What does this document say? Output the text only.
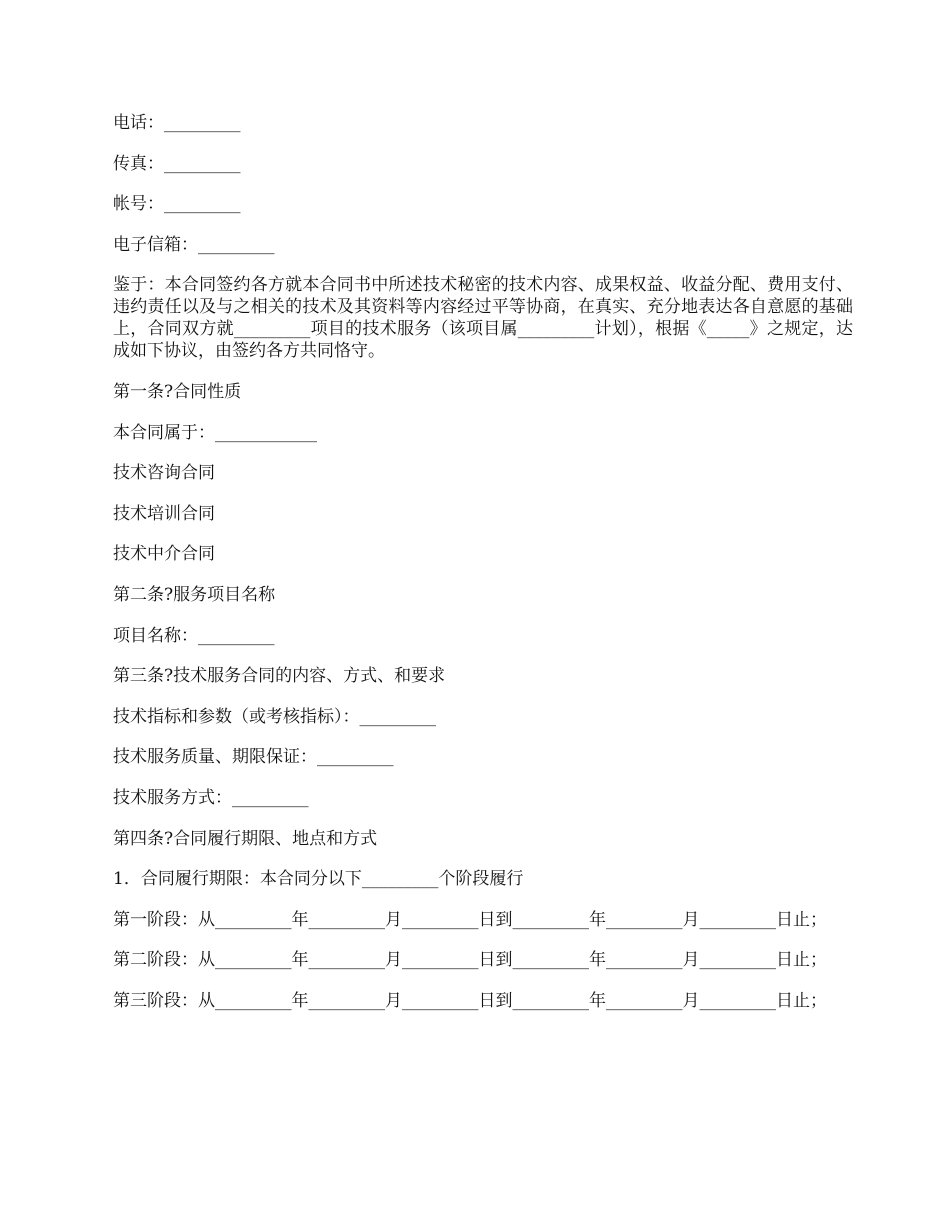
电话：_________

传真：_________

帐号：_________

电子信箱：_________

鉴于：本合同签约各方就本合同书中所述技术秘密的技术内容、成果权益、收益分配、费用支付、违约责任以及与之相关的技术及其资料等内容经过平等协商，在真实、充分地表达各自意愿的基础上，合同双方就_________项目的技术服务（该项目属_________计划），根据《_____》之规定，达成如下协议，由签约各方共同恪守。

第一条?合同性质

本合同属于：____________

技术咨询合同

技术培训合同

技术中介合同

第二条?服务项目名称

项目名称：_________

第三条?技术服务合同的内容、方式、和要求

技术指标和参数（或考核指标）：_________

技术服务质量、期限保证：_________

技术服务方式：_________

第四条?合同履行期限、地点和方式

1．合同履行期限：本合同分以下_________个阶段履行

第一阶段：从_________年_________月_________日到_________年_________月_________日止；

第二阶段：从_________年_________月_________日到_________年_________月_________日止；

第三阶段：从_________年_________月_________日到_________年_________月_________日止；
